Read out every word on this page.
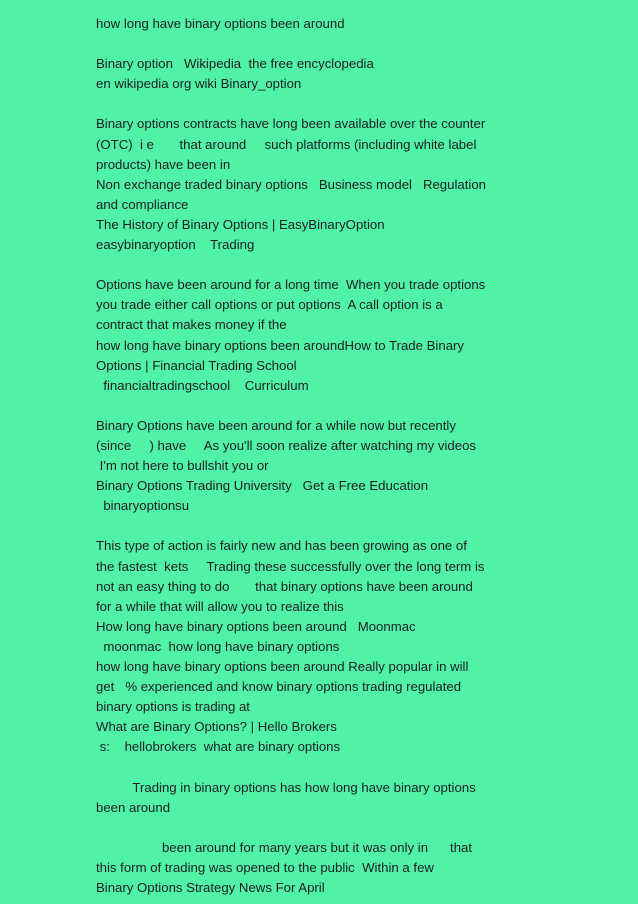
how long have binary options been around
Binary option   Wikipedia  the free encyclopedia
en wikipedia org wiki Binary_option
Binary options contracts have long been available over the counter
(OTC)  i e       that around     such platforms (including white label
products) have been in
Non exchange traded binary options   Business model   Regulation
and compliance
The History of Binary Options | EasyBinaryOption
easybinaryoption    Trading
Options have been around for a long time  When you trade options
you trade either call options or put options  A call option is a
contract that makes money if the
how long have binary options been aroundHow to Trade Binary
Options | Financial Trading School
financialtradingschool    Curriculum
Binary Options have been around for a while now but recently
(since     ) have     As you'll soon realize after watching my videos
I'm not here to bullshit you or
Binary Options Trading University   Get a Free Education
binaryoptionsu
This type of action is fairly new and has been growing as one of
the fastest  kets     Trading these successfully over the long term is
not an easy thing to do       that binary options have been around
for a while that will allow you to realize this
How long have binary options been around   Moonmac
moonmac  how long have binary options
how long have binary options been around Really popular in will
get   % experienced and know binary options trading regulated
binary options is trading at
What are Binary Options? | Hello Brokers
s:    hellobrokers  what are binary options
Trading in binary options has how long have binary options
been around
been around for many years but it was only in      that
this form of trading was opened to the public  Within a few
Binary Options Strategy News For April
